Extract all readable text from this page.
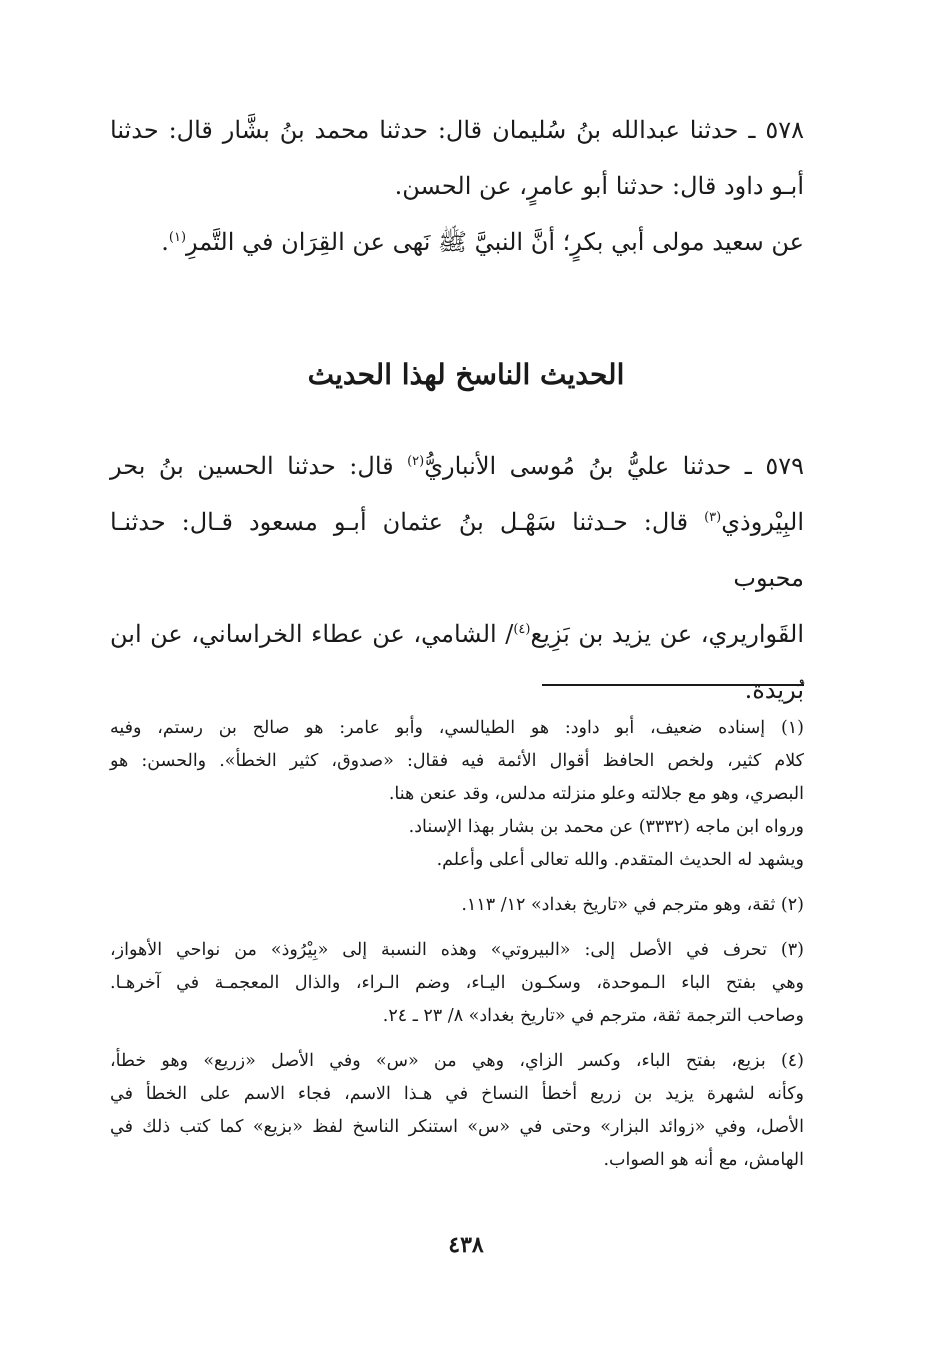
٥٧٨ ـ حدثنا عبدالله بنُ سُليمان قال: حدثنا محمد بنُ بشَّار قال: حدثنا
أبـو داود قال: حدثنا أبو عامرٍ، عن الحسن.
عن سعيد مولى أبي بكرٍ؛ أنَّ النبيَّ ﷺ نَهى عن القِرَان في التَّمرِ$^{(١)}$.
الحديث الناسخ لهذا الحديث
٥٧٩ ـ حدثنا عليُّ بنُ مُوسى الأنباريُّ$^{(٢)}$ قال: حدثنا الحسين بنُ بحر
البِيْروذي$^{(٣)}$ قال: حـدثنا سَهْـل بنُ عثمان أبـو مسعود قـال: حدثنـا محبوب
القَواريري، عن يزيد بن بَزِيع$^{(٤)}$/ الشامي، عن عطاء الخراساني، عن ابن
بُريدة.
(١) إسناده ضعيف، أبو داود: هو الطيالسي، وأبو عامر: هو صالح بن رستم، وفيه
كلام كثير، ولخص الحافظ أقوال الأئمة فيه فقال: «صدوق، كثير الخطأ». والحسن: هو
البصري، وهو مع جلالته وعلو منزلته مدلس، وقد عنعن هنا.
ورواه ابن ماجه (٣٣٣٢) عن محمد بن بشار بهذا الإسناد.
ويشهد له الحديث المتقدم. والله تعالى أعلى وأعلم.
(٢) ثقة، وهو مترجم في «تاريخ بغداد» ١٢/ ١١٣.
(٣) تحرف في الأصل إلى: «البيروتي» وهذه النسبة إلى «بِيْرُوذ» من نواحي الأهواز،
وهي بفتح الباء الـموحدة، وسكـون اليـاء، وضم الـراء، والذال المعجمـة في آخرهـا.
وصاحب الترجمة ثقة، مترجم في «تاريخ بغداد» ٨/ ٢٣ ـ ٢٤.
(٤) بزيع، بفتح الباء، وكسر الزاي، وهي من «س» وفي الأصل «زريع» وهو خطأ،
وكأنه لشهرة يزيد بن زريع أخطأ النساخ في هـذا الاسم، فجاء الاسم على الخطأ في
الأصل، وفي «زوائد البزار» وحتى في «س» استنكر الناسخ لفظ «بزيع» كما كتب ذلك في
الهامش، مع أنه هو الصواب.
٤٣٨
